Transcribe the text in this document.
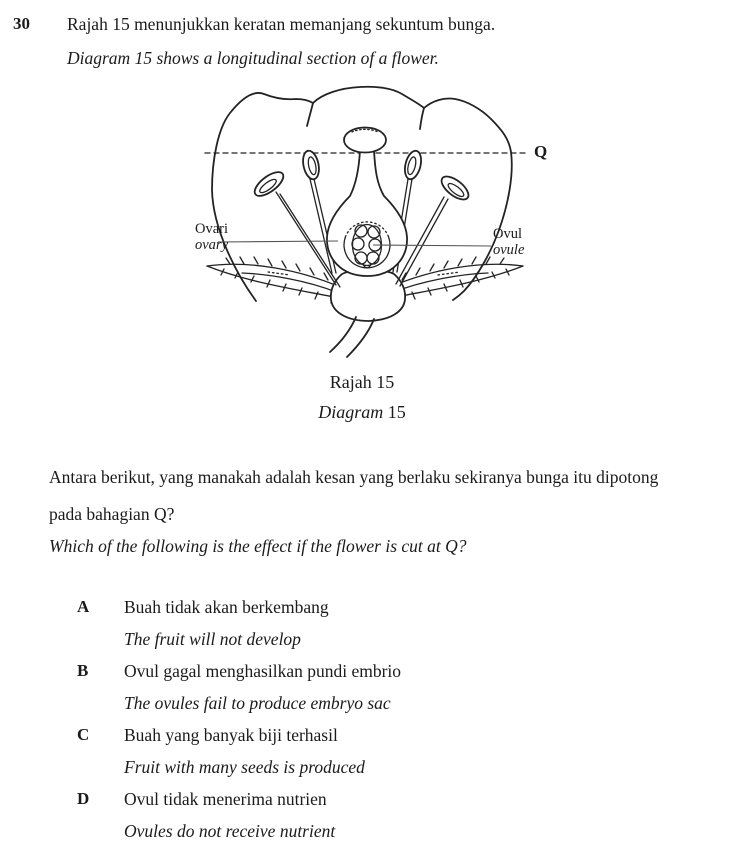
30 Rajah 15 menunjukkan keratan memanjang sekuntum bunga.
Diagram 15 shows a longitudinal section of a flower.
Q
Ovari
ovary
Ovul
ovule
Rajah 15
Diagram 15

Antara berikut, yang manakah adalah kesan yang berlaku sekiranya bunga itu dipotong

pada bahagian Q?

Which of the following is the effect if the flower is cut at Q?

A Buah tidak akan berkembang
The fruit will not develop
B Ovul gagal menghasilkan pundi embrio
The ovules fail to produce embryo sac
C Buah yang banyak biji terhasil
Fruit with many seeds is produced
D Ovul tidak menerima nutrien
Ovules do not receive nutrient
